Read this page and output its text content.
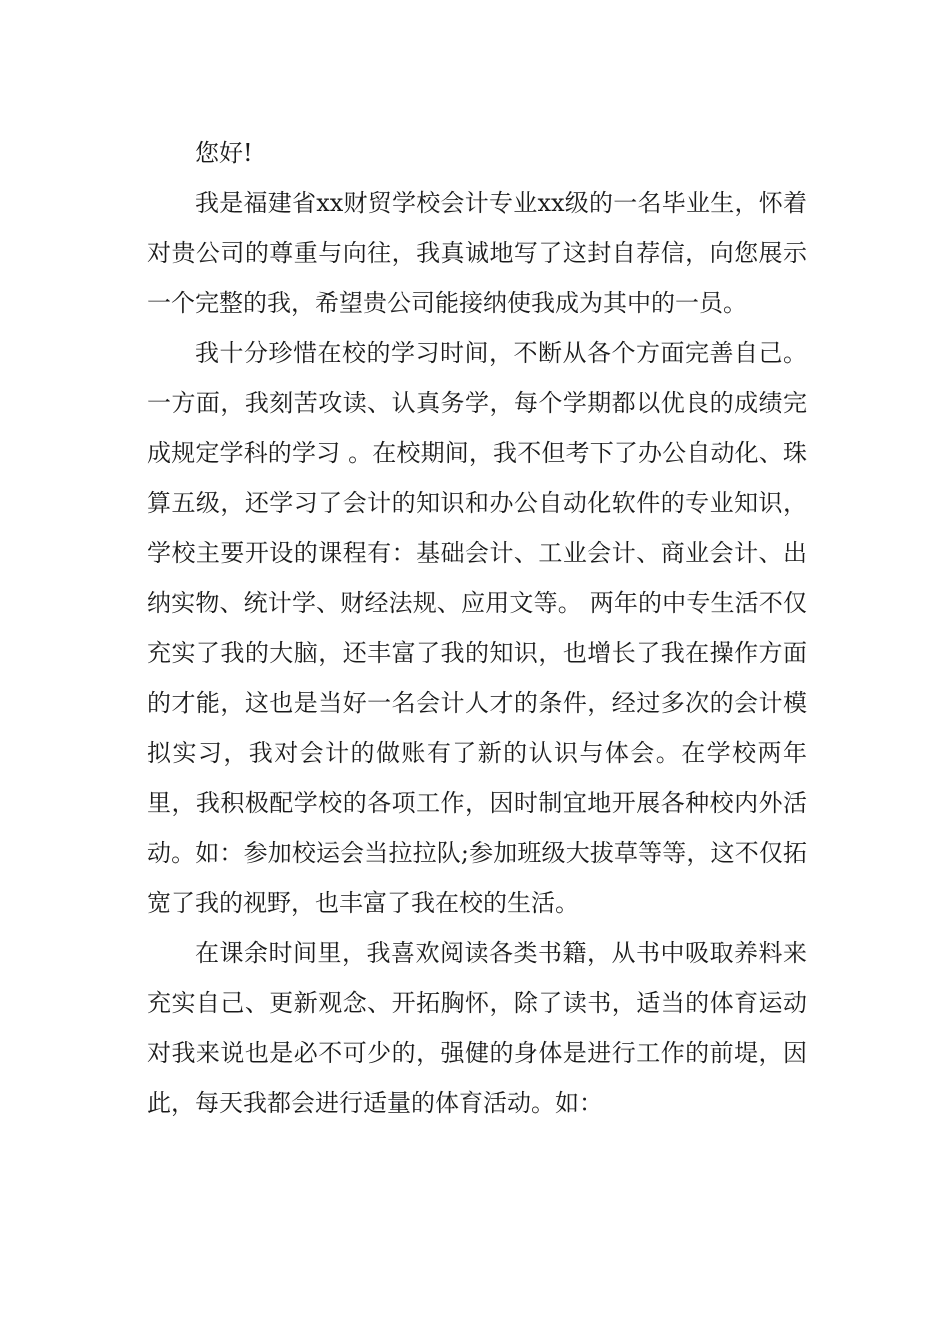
您好!

我是福建省xx财贸学校会计专业xx级的一名毕业生，怀着对贵公司的尊重与向往，我真诚地写了这封自荐信，向您展示一个完整的我，希望贵公司能接纳使我成为其中的一员。

我十分珍惜在校的学习时间，不断从各个方面完善自己。一方面，我刻苦攻读、认真务学，每个学期都以优良的成绩完成规定学科的学习 。在校期间，我不但考下了办公自动化、珠算五级，还学习了会计的知识和办公自动化软件的专业知识，学校主要开设的课程有：基础会计、工业会计、商业会计、出纳实物、统计学、财经法规、应用文等。 两年的中专生活不仅充实了我的大脑，还丰富了我的知识，也增长了我在操作方面的才能，这也是当好一名会计人才的条件，经过多次的会计模拟实习，我对会计的做账有了新的认识与体会。在学校两年里，我积极配学校的各项工作，因时制宜地开展各种校内外活动。如：参加校运会当拉拉队;参加班级大拔草等等，这不仅拓宽了我的视野，也丰富了我在校的生活。

在课余时间里，我喜欢阅读各类书籍，从书中吸取养料来充实自己、更新观念、开拓胸怀，除了读书，适当的体育运动对我来说也是必不可少的，强健的身体是进行工作的前堤，因此，每天我都会进行适量的体育活动。如：
